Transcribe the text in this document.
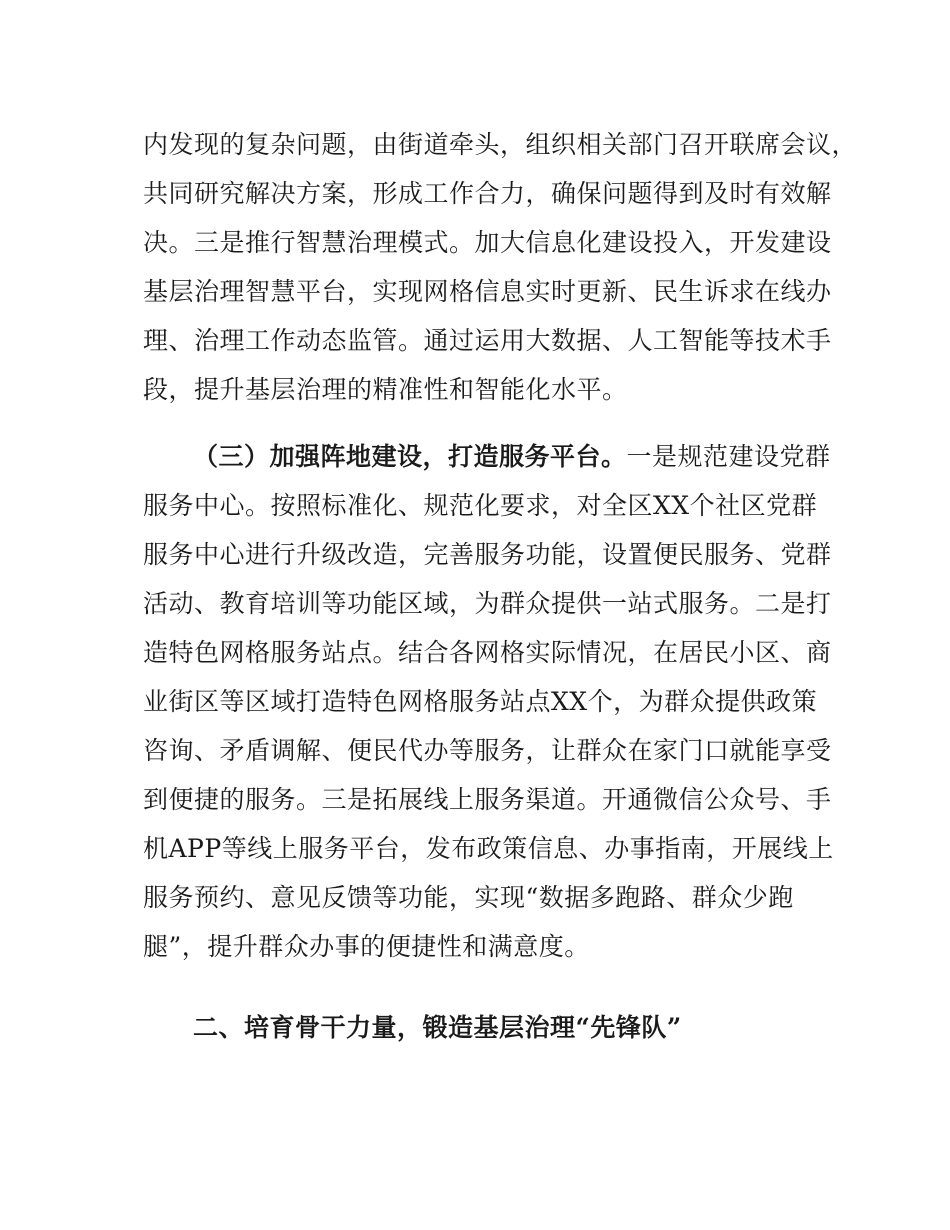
内发现的复杂问题，由街道牵头，组织相关部门召开联席会议，
共同研究解决方案，形成工作合力，确保问题得到及时有效解
决。三是推行智慧治理模式。加大信息化建设投入，开发建设
基层治理智慧平台，实现网格信息实时更新、民生诉求在线办
理、治理工作动态监管。通过运用大数据、人工智能等技术手
段，提升基层治理的精准性和智能化水平。
（三）加强阵地建设，打造服务平台。一是规范建设党群
服务中心。按照标准化、规范化要求，对全区XX个社区党群
服务中心进行升级改造，完善服务功能，设置便民服务、党群
活动、教育培训等功能区域，为群众提供一站式服务。二是打
造特色网格服务站点。结合各网格实际情况，在居民小区、商
业街区等区域打造特色网格服务站点XX个，为群众提供政策
咨询、矛盾调解、便民代办等服务，让群众在家门口就能享受
到便捷的服务。三是拓展线上服务渠道。开通微信公众号、手
机APP等线上服务平台，发布政策信息、办事指南，开展线上
服务预约、意见反馈等功能，实现“数据多跑路、群众少跑
腿”，提升群众办事的便捷性和满意度。
二、培育骨干力量，锻造基层治理“先锋队”
